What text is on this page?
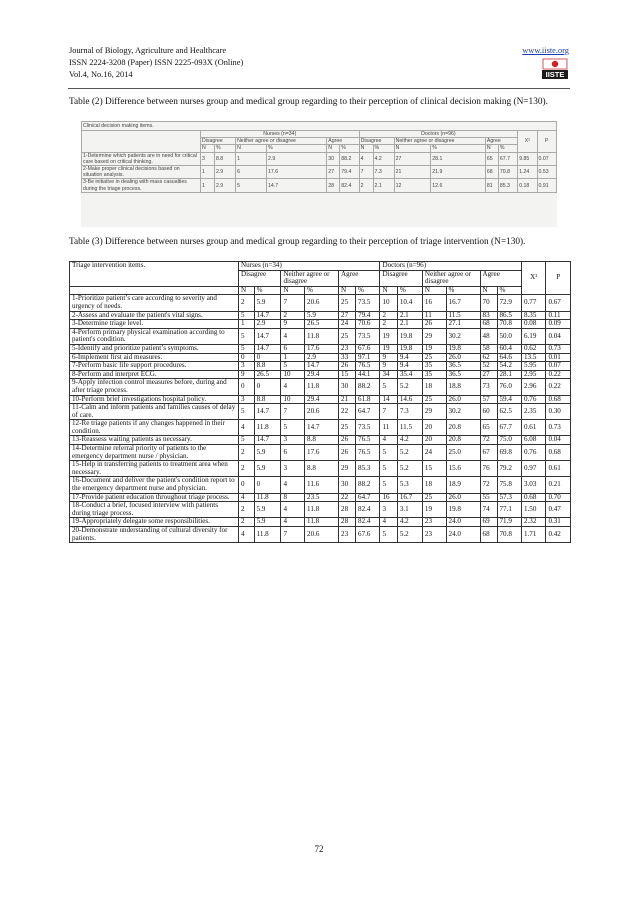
Journal of Biology, Agriculture and Healthcare
ISSN 2224-3208 (Paper) ISSN 2225-093X (Online)
Vol.4, No.16, 2014
www.iiste.org
IISTE
Table (2) Difference between nurses group and medical group regarding to their perception of clinical decision making (N=130).
Clinical decision making items.														
	Nurses (n=34)						Doctors (n=96)						X²	P
	Disagree		Neither agree or disagree		Agree		Disagree		Neither agree or disagree		Agree			
	N	%	N	%	N	%	N	%	N	%	N	%		
1-Determine which patients are in need for critical care based on critical thinking.	3	8.8	1	2.9	30	88.2	4	4.2	27	28.1	65	67.7	9.85	0.07
2-Make proper clinical decisions based on situation analysis.	1	2.9	6	17.6	27	79.4	7	7.3	21	21.9	68	70.8	1.24	0.53
3-Be initiative in dealing with mass casualties during the triage process.	1	2.9	5	14.7	28	82.4	2	2.1	12	12.6	81	85.3	0.18	0.91
Table (3) Difference between nurses group and medical group regarding to their perception of triage intervention (N=130).
Triage intervention items.	Nurses (n=34)						Doctors (n=96)						X²	P
	Disagree		Neither agree or disagree		Agree		Disagree		Neither agree or disagree		Agree			
	N	%	N	%	N	%	N	%	N	%	N	%		
1-Prioritize patient’s care according to severity and urgency of needs.	2	5.9	7	20.6	25	73.5	10	10.4	16	16.7	70	72.9	0.77	0.67
2-Assess and evaluate the patient's vital signs.	5	14.7	2	5.9	27	79.4	2	2.1	11	11.5	83	86.5	8.35	0.11
3-Determine triage level.	1	2.9	9	26.5	24	70.6	2	2.1	26	27.1	68	70.8	0.08	0.09
4-Perform primary physical examination according to patient's condition.	5	14.7	4	11.8	25	73.5	19	19.8	29	30.2	48	50.0	6.19	0.04
5-Identify and prioritize patient’s symptoms.	5	14.7	6	17.6	23	67.6	19	19.8	19	19.8	58	60.4	0.62	0.73
6-Implement first aid measures.	0	0	1	2.9	33	97.1	9	9.4	25	26.0	62	64.6	13.5	0.01
7-Perform basic life support procedures.	3	8.8	5	14.7	26	76.5	9	9.4	35	36.5	52	54.2	5.95	0.07
8-Perform and interpret ECG.	9	26.5	10	29.4	15	44.1	34	35.4	35	36.5	27	28.1	2.95	0.22
9-Apply infection control measures before, during and after triage process.	0	0	4	11.8	30	88.2	5	5.2	18	18.8	73	76.0	2.96	0.22
10-Perform brief investigations hospital policy.	3	8.8	10	29.4	21	61.8	14	14.6	25	26.0	57	59.4	0.76	0.68
11-Calm and inform patients and families causes of delay of care.	5	14.7	7	20.6	22	64.7	7	7.3	29	30.2	60	62.5	2.35	0.30
12-Re triage patients if any changes happened in their condition.	4	11.8	5	14.7	25	73.5	11	11.5	20	20.8	65	67.7	0.61	0.73
13-Reassess waiting patients as necessary.	5	14.7	3	8.8	26	76.5	4	4.2	20	20.8	72	75.0	6.08	0.04
14-Determine referral priority of patients to the emergency department nurse / physician.	2	5.9	6	17.6	26	76.5	5	5.2	24	25.0	67	69.8	0.76	0.68
15-Help in transferring patients to treatment area when necessary.	2	5.9	3	8.8	29	85.3	5	5.2	15	15.6	76	79.2	0.97	0.61
16-Document and deliver the patient's condition report to the emergency department nurse and physician.	0	0	4	11.6	30	88.2	5	5.3	18	18.9	72	75.8	3.03	0.21
17-Provide patient education throughout triage process.	4	11.8	8	23.5	22	64.7	16	16.7	25	26.0	55	57.3	0.68	0.70
18-Conduct a brief, focused interview with patients during triage process.	2	5.9	4	11.8	28	82.4	3	3.1	19	19.8	74	77.1	1.50	0.47
19-Appropriately delegate some responsibilities.	2	5.9	4	11.8	28	82.4	4	4.2	23	24.0	69	71.9	2.32	0.31
20-Demonstrate understanding of cultural diversity for patients.	4	11.8	7	20.6	23	67.6	5	5.2	23	24.0	68	70.8	1.71	0.42
72
